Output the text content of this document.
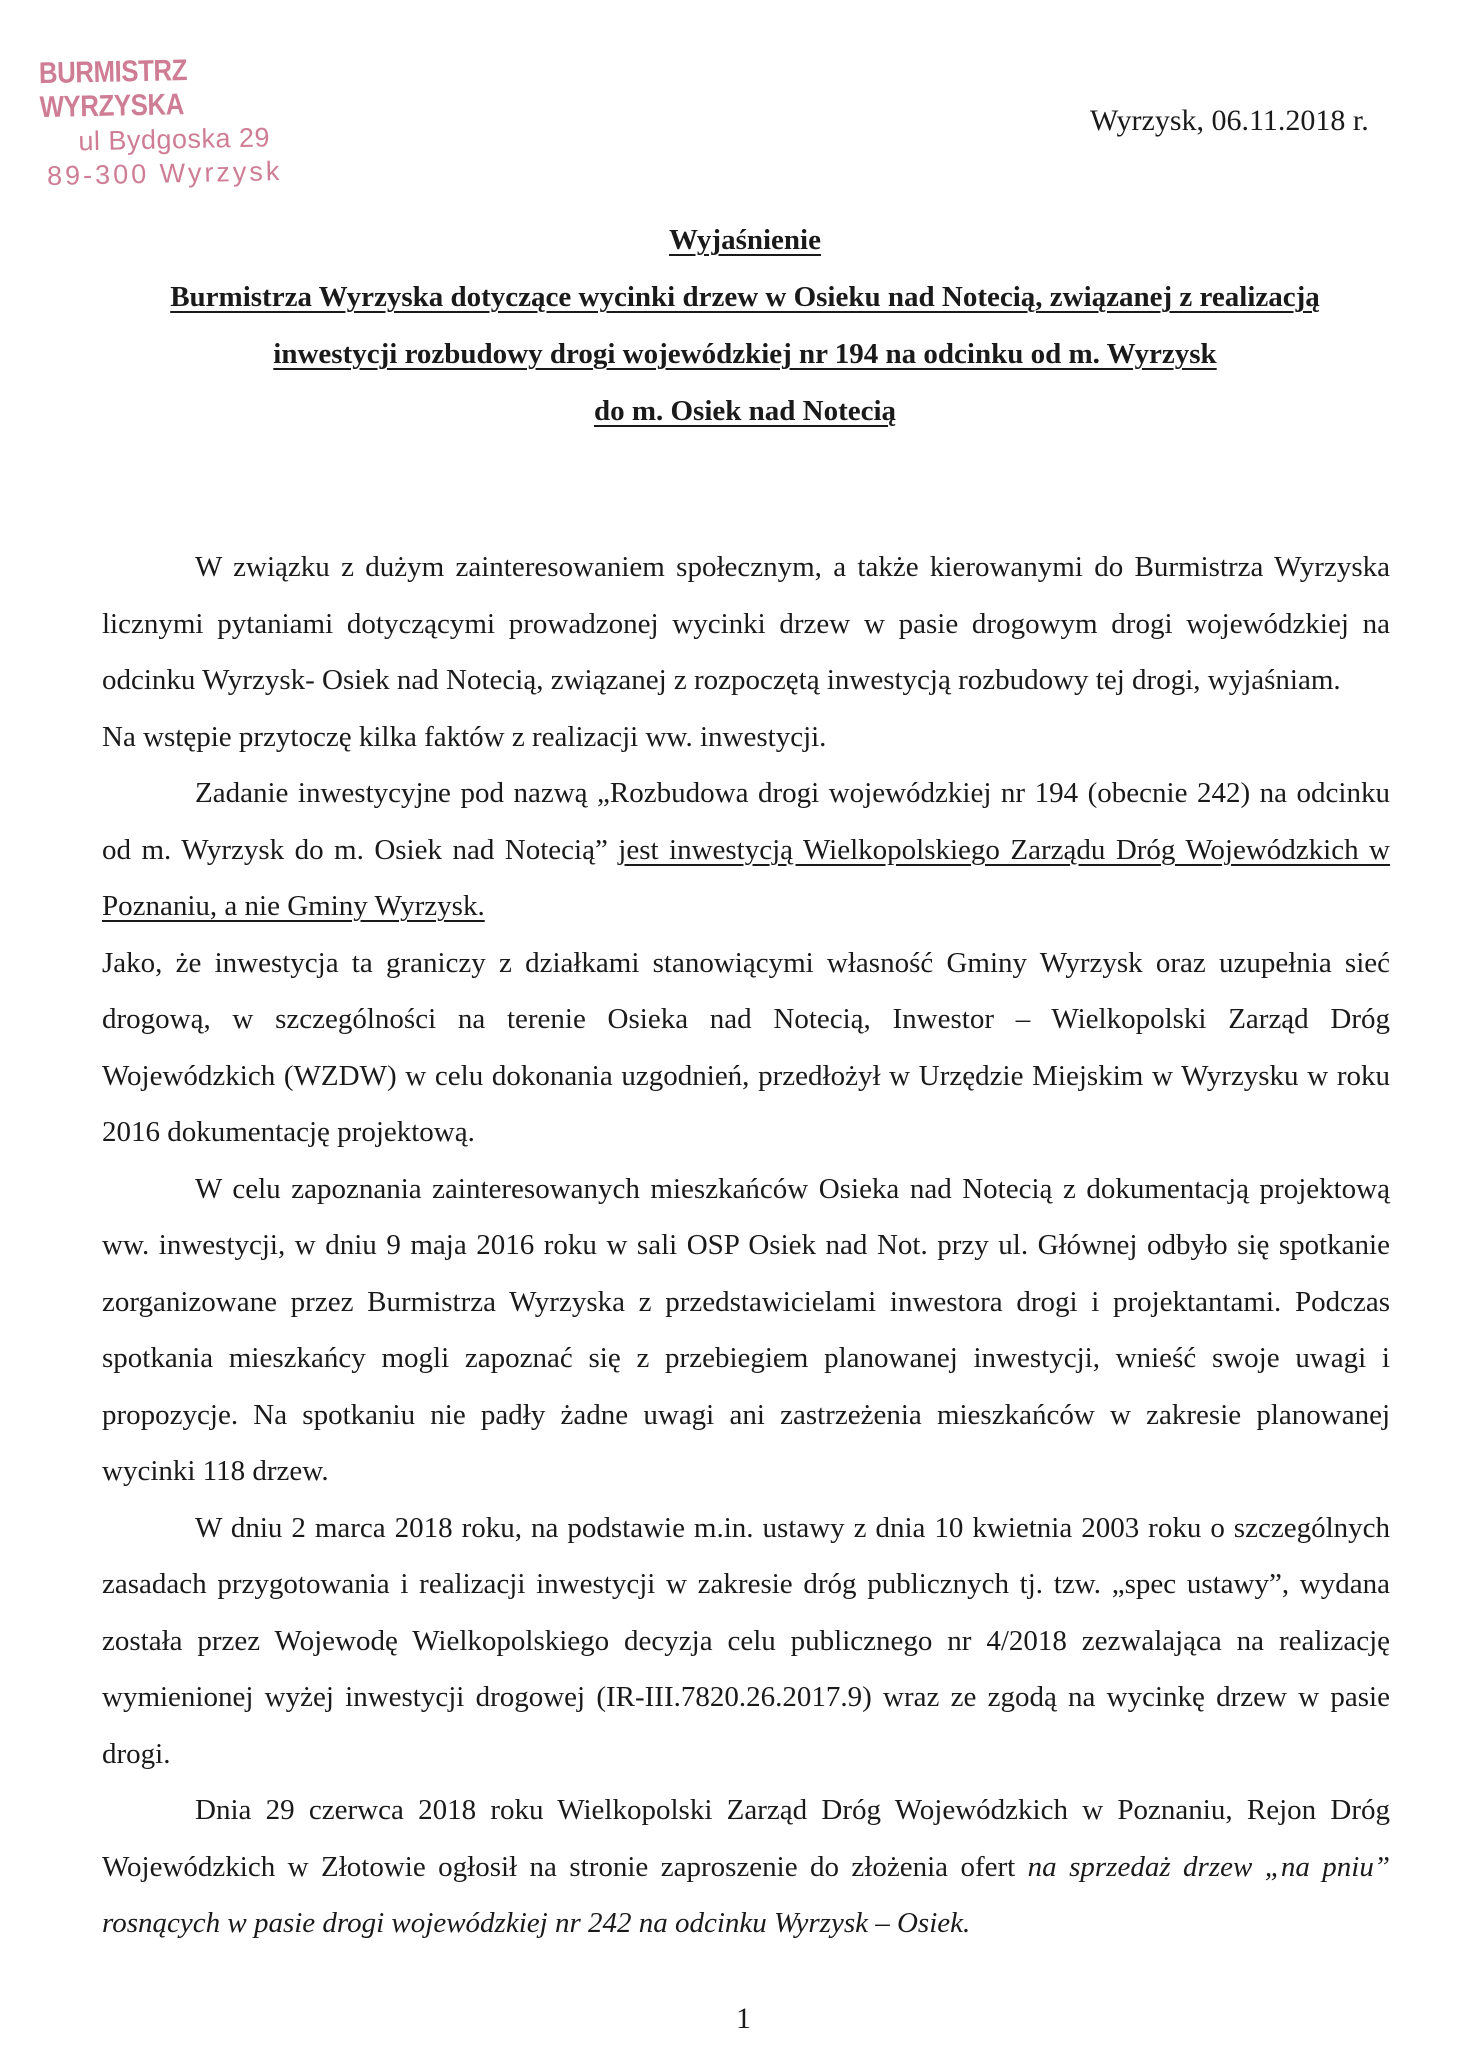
BURMISTRZ WYRZYSKA
ul Bydgoska 29
89-300 Wyrzysk
Wyrzysk, 06.11.2018 r.
Wyjaśnienie
Burmistrza Wyrzyska dotyczące wycinki drzew w Osieku nad Notecią, związanej z realizacją
inwestycji rozbudowy drogi wojewódzkiej nr 194 na odcinku od m. Wyrzysk
do m. Osiek nad Notecią

W związku z dużym zainteresowaniem społecznym, a także kierowanymi do Burmistrza Wyrzyska licznymi pytaniami dotyczącymi prowadzonej wycinki drzew w pasie drogowym drogi wojewódzkiej na odcinku Wyrzysk- Osiek nad Notecią, związanej z rozpoczętą inwestycją rozbudowy tej drogi, wyjaśniam.

Na wstępie przytoczę kilka faktów z realizacji ww. inwestycji.

Zadanie inwestycyjne pod nazwą „Rozbudowa drogi wojewódzkiej nr 194 (obecnie 242) na odcinku od m. Wyrzysk do m. Osiek nad Notecią” jest inwestycją Wielkopolskiego Zarządu Dróg Wojewódzkich w Poznaniu, a nie Gminy Wyrzysk.

Jako, że inwestycja ta graniczy z działkami stanowiącymi własność Gminy Wyrzysk oraz uzupełnia sieć drogową, w szczególności na terenie Osieka nad Notecią, Inwestor – Wielkopolski Zarząd Dróg Wojewódzkich (WZDW) w celu dokonania uzgodnień, przedłożył w Urzędzie Miejskim w Wyrzysku w roku 2016 dokumentację projektową.

W celu zapoznania zainteresowanych mieszkańców Osieka nad Notecią z dokumentacją projektową ww. inwestycji, w dniu 9 maja 2016 roku w sali OSP Osiek nad Not. przy ul. Głównej odbyło się spotkanie zorganizowane przez Burmistrza Wyrzyska z przedstawicielami inwestora drogi i projektantami. Podczas spotkania mieszkańcy mogli zapoznać się z przebiegiem planowanej inwestycji, wnieść swoje uwagi i propozycje. Na spotkaniu nie padły żadne uwagi ani zastrzeżenia mieszkańców w zakresie planowanej wycinki 118 drzew.

W dniu 2 marca 2018 roku, na podstawie m.in. ustawy z dnia 10 kwietnia 2003 roku o szczególnych zasadach przygotowania i realizacji inwestycji w zakresie dróg publicznych tj. tzw. „spec ustawy”, wydana została przez Wojewodę Wielkopolskiego decyzja celu publicznego nr 4/2018 zezwalająca na realizację wymienionej wyżej inwestycji drogowej (IR-III.7820.26.2017.9) wraz ze zgodą na wycinkę drzew w pasie drogi.

Dnia 29 czerwca 2018 roku Wielkopolski Zarząd Dróg Wojewódzkich w Poznaniu, Rejon Dróg Wojewódzkich w Złotowie ogłosił na stronie zaproszenie do złożenia ofert na sprzedaż drzew „na pniu” rosnących w pasie drogi wojewódzkiej nr 242 na odcinku Wyrzysk – Osiek.

1
